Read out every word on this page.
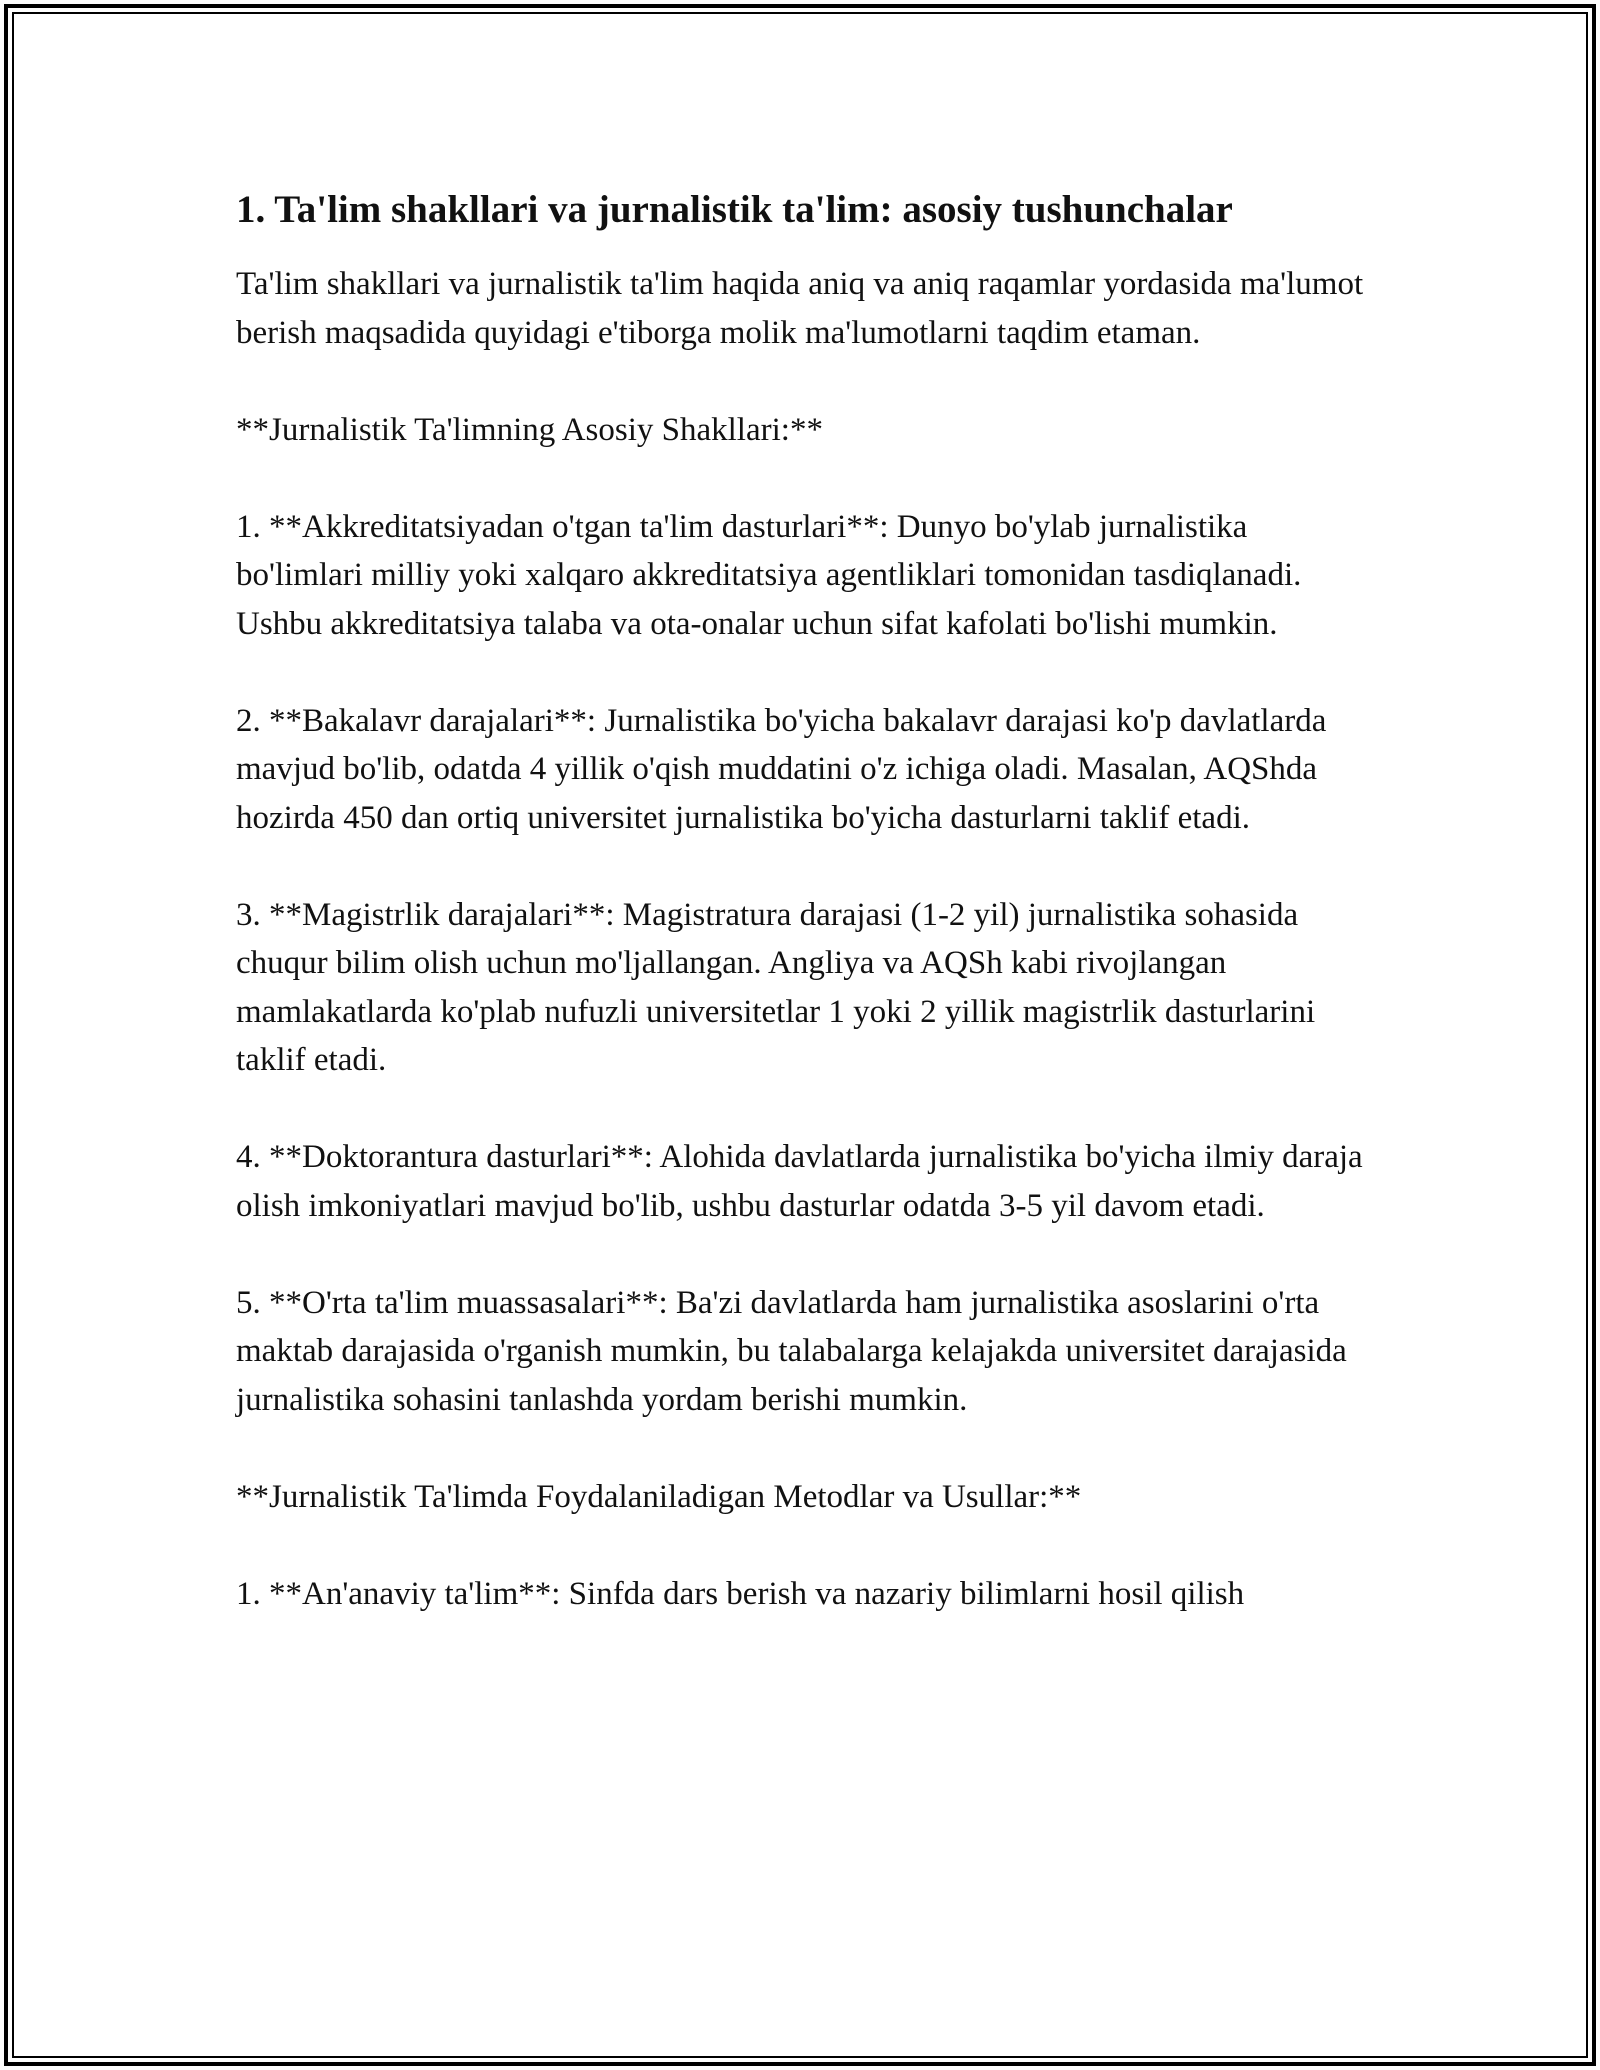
1. Ta'lim shakllari va jurnalistik ta'lim: asosiy tushunchalar

Ta'lim shakllari va jurnalistik ta'lim haqida aniq va aniq raqamlar yordasida ma'lumot berish maqsadida quyidagi e'tiborga molik ma'lumotlarni taqdim etaman.

**Jurnalistik Ta'limning Asosiy Shakllari:**

1. **Akkreditatsiyadan o'tgan ta'lim dasturlari**: Dunyo bo'ylab jurnalistika bo'limlari milliy yoki xalqaro akkreditatsiya agentliklari tomonidan tasdiqlanadi. Ushbu akkreditatsiya talaba va ota-onalar uchun sifat kafolati bo'lishi mumkin.

2. **Bakalavr darajalari**: Jurnalistika bo'yicha bakalavr darajasi ko'p davlatlarda mavjud bo'lib, odatda 4 yillik o'qish muddatini o'z ichiga oladi. Masalan, AQShda hozirda 450 dan ortiq universitet jurnalistika bo'yicha dasturlarni taklif etadi.

3. **Magistrlik darajalari**: Magistratura darajasi (1-2 yil) jurnalistika sohasida chuqur bilim olish uchun mo'ljallangan. Angliya va AQSh kabi rivojlangan mamlakatlarda ko'plab nufuzli universitetlar 1 yoki 2 yillik magistrlik dasturlarini taklif etadi.

4. **Doktorantura dasturlari**: Alohida davlatlarda jurnalistika bo'yicha ilmiy daraja olish imkoniyatlari mavjud bo'lib, ushbu dasturlar odatda 3-5 yil davom etadi.

5. **O'rta ta'lim muassasalari**: Ba'zi davlatlarda ham jurnalistika asoslarini o'rta maktab darajasida o'rganish mumkin, bu talabalarga kelajakda universitet darajasida jurnalistika sohasini tanlashda yordam berishi mumkin.

**Jurnalistik Ta'limda Foydalaniladigan Metodlar va Usullar:**

1. **An'anaviy ta'lim**: Sinfda dars berish va nazariy bilimlarni hosil qilish
